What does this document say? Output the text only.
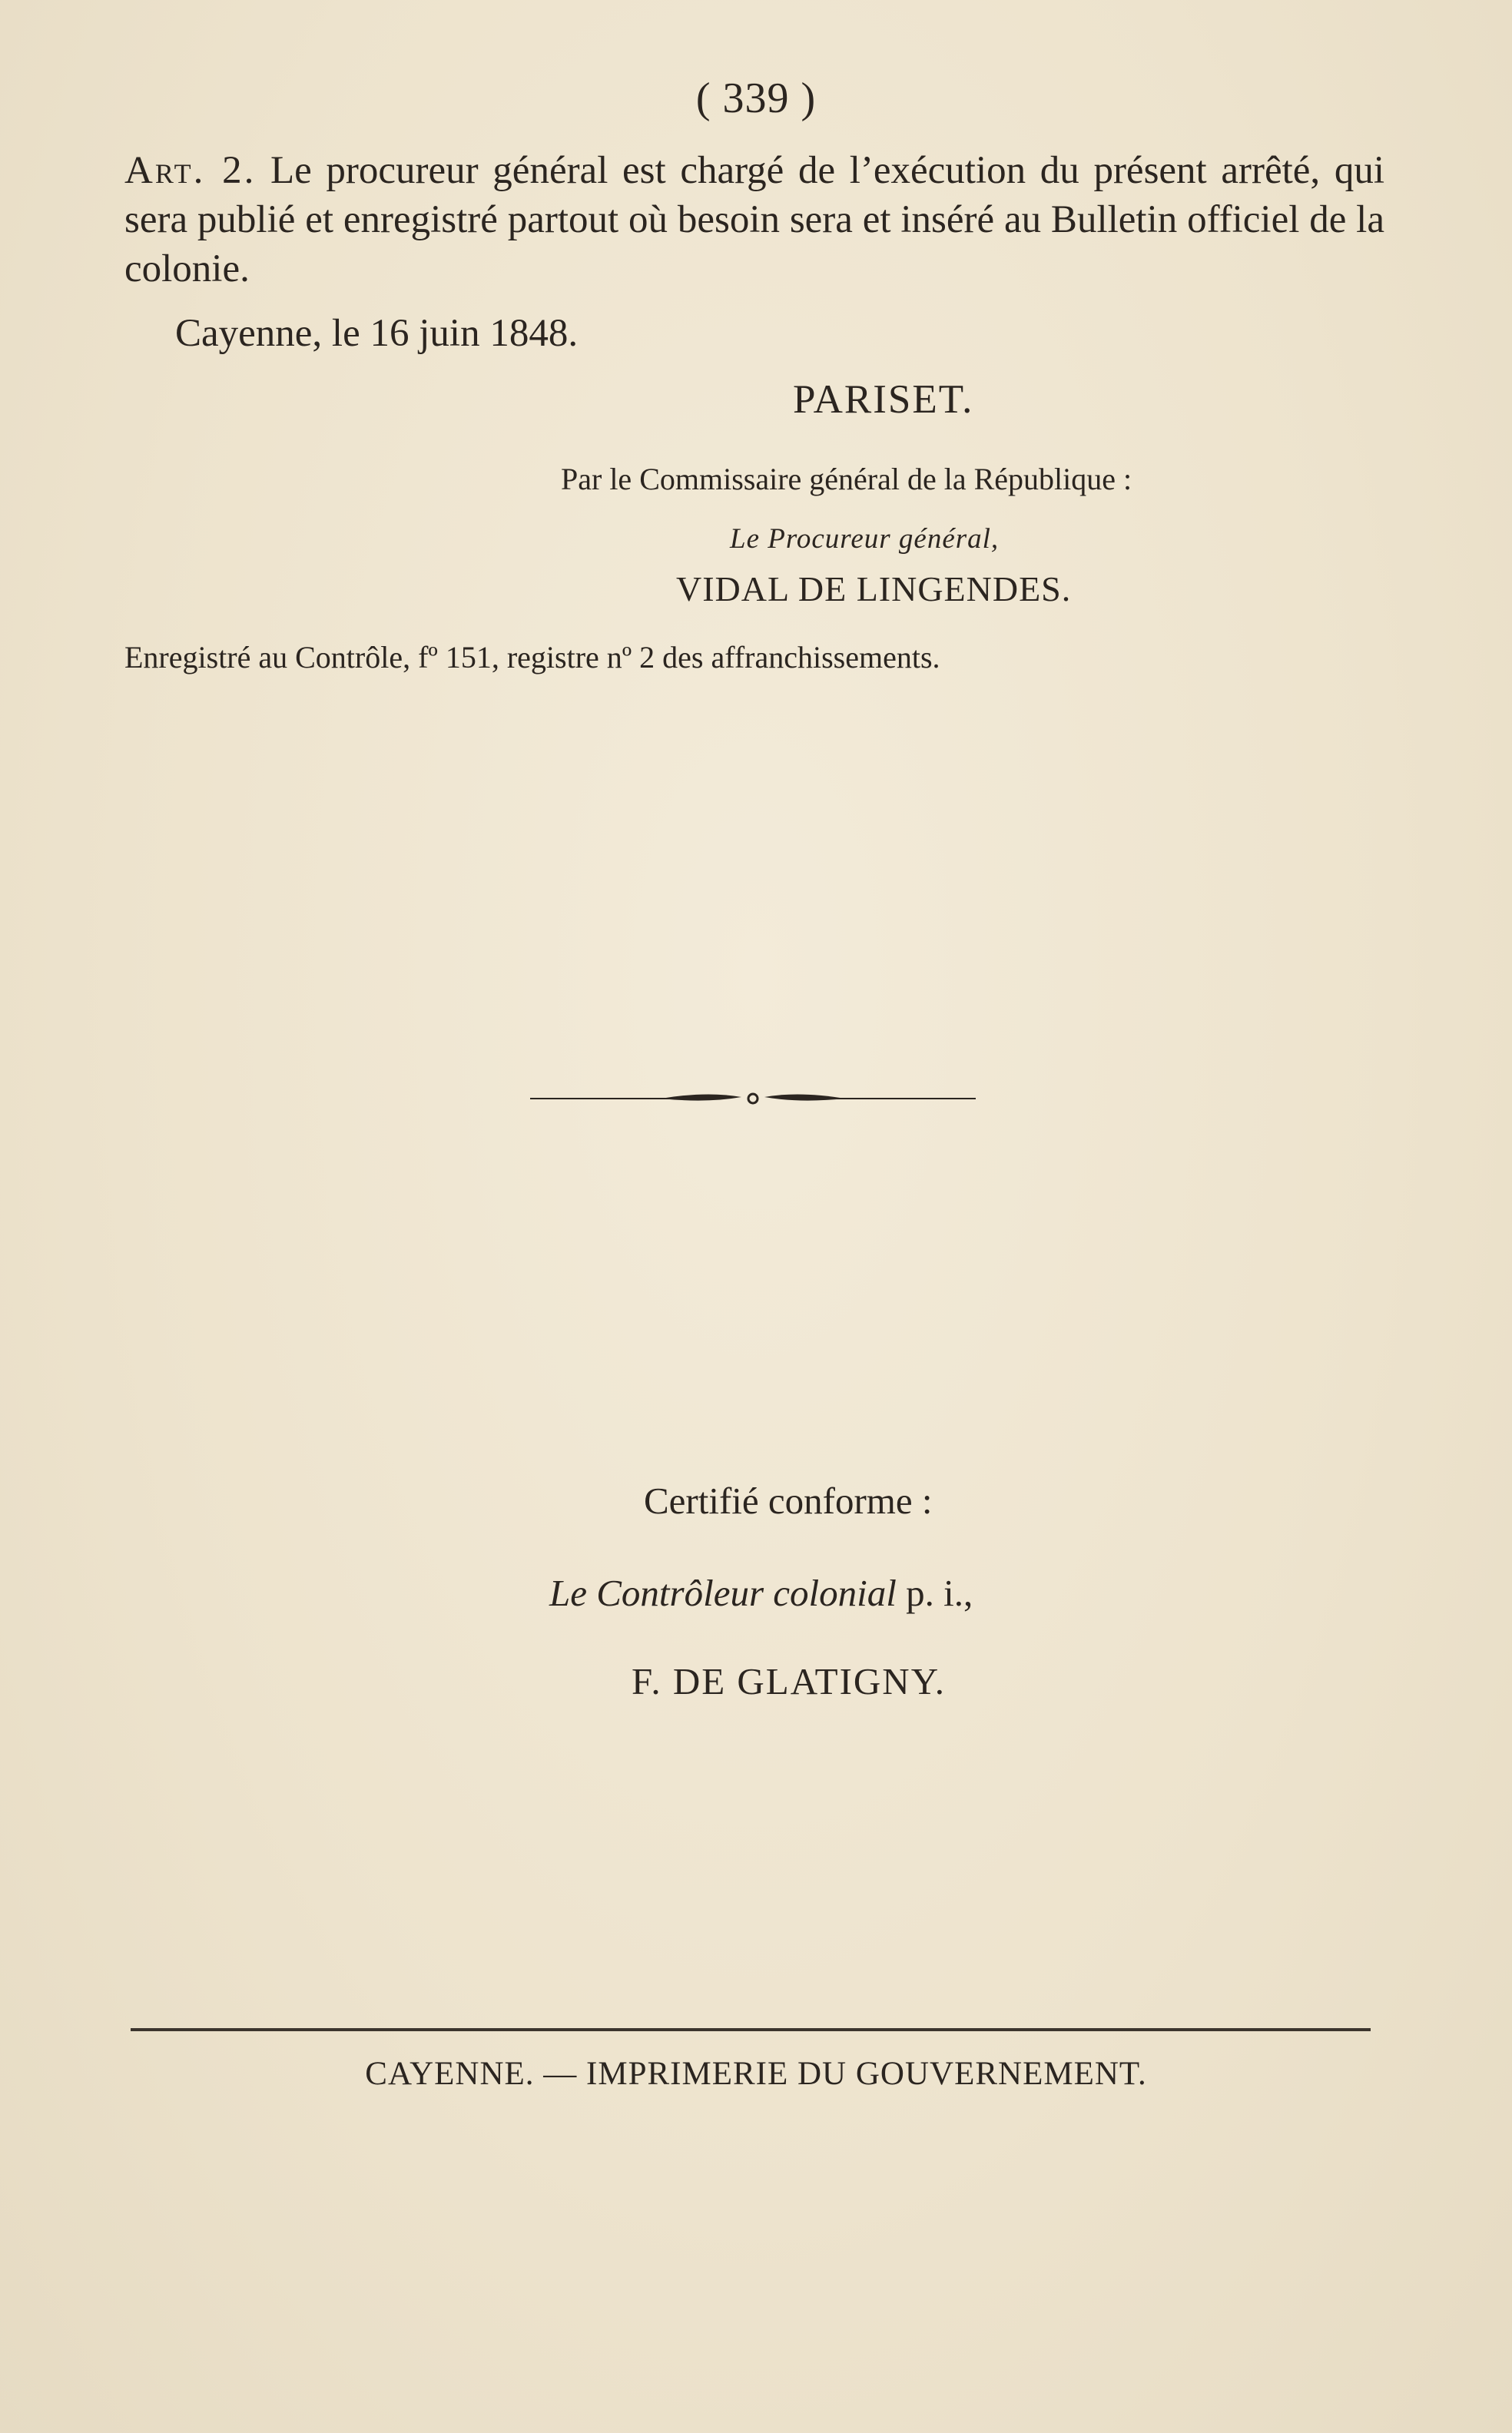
( 339 )
Art. 2. Le procureur général est chargé de l’exécution du présent arrêté, qui sera publié et enregistré partout où besoin sera et inséré au Bulletin officiel de la colonie.
Cayenne, le 16 juin 1848.
PARISET.
Par le Commissaire général de la République :
Le Procureur général,
VIDAL DE LINGENDES.
Enregistré au Contrôle, fº 151, registre nº 2 des affranchissements.
Certifié conforme :
Le Contrôleur colonial p. i.,
F. DE GLATIGNY.
CAYENNE. — IMPRIMERIE DU GOUVERNEMENT.
